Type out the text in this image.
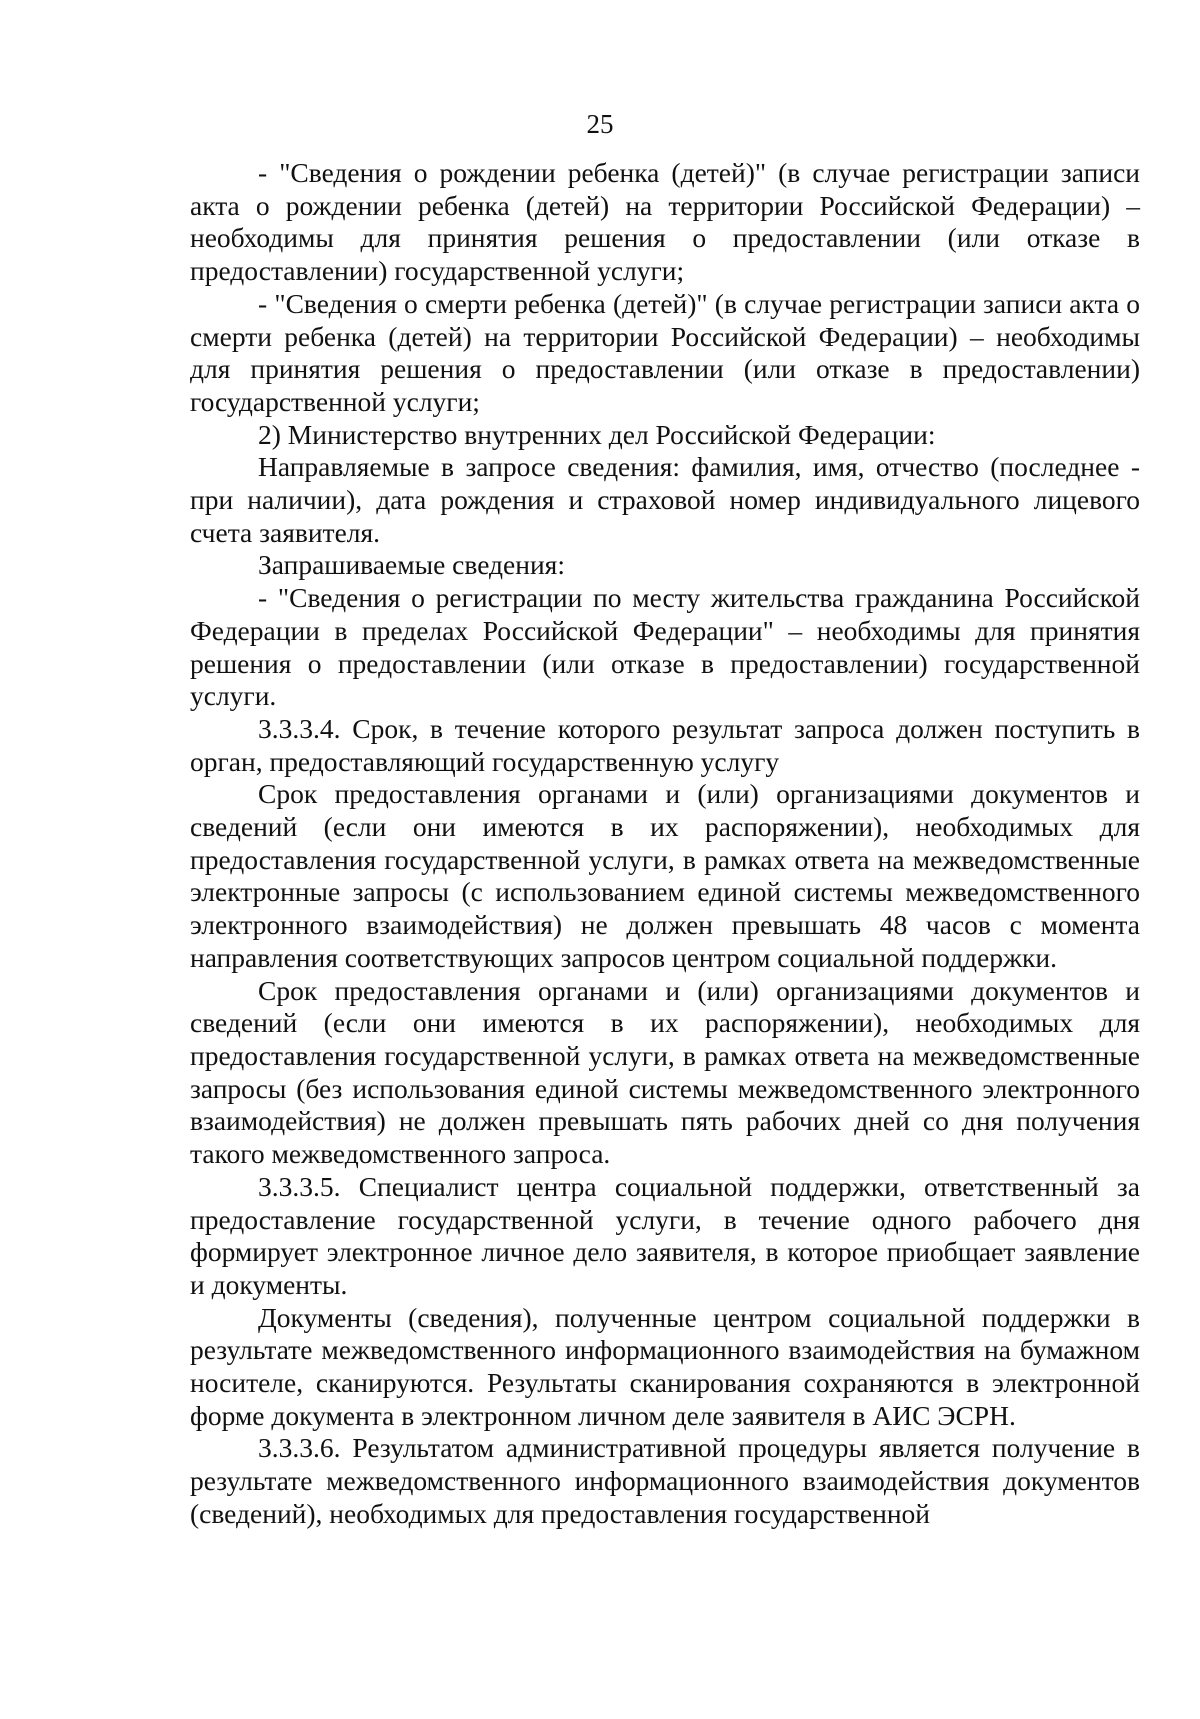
25

- "Сведения о рождении ребенка (детей)" (в случае регистрации записи акта о рождении ребенка (детей) на территории Российской Федерации) – необходимы для принятия решения о предоставлении (или отказе в предоставлении) государственной услуги;

- "Сведения о смерти ребенка (детей)" (в случае регистрации записи акта о смерти ребенка (детей) на территории Российской Федерации) – необходимы для принятия решения о предоставлении (или отказе в предоставлении) государственной услуги;

2) Министерство внутренних дел Российской Федерации:

Направляемые в запросе сведения: фамилия, имя, отчество (последнее - при наличии), дата рождения и страховой номер индивидуального лицевого счета заявителя.

Запрашиваемые сведения:

- "Сведения о регистрации по месту жительства гражданина Российской Федерации в пределах Российской Федерации" – необходимы для принятия решения о предоставлении (или отказе в предоставлении) государственной услуги.

3.3.3.4. Срок, в течение которого результат запроса должен поступить в орган, предоставляющий государственную услугу

Срок предоставления органами и (или) организациями документов и сведений (если они имеются в их распоряжении), необходимых для предоставления государственной услуги, в рамках ответа на межведомственные электронные запросы (с использованием единой системы межведомственного электронного взаимодействия) не должен превышать 48 часов с момента направления соответствующих запросов центром социальной поддержки.

Срок предоставления органами и (или) организациями документов и сведений (если они имеются в их распоряжении), необходимых для предоставления государственной услуги, в рамках ответа на межведомственные запросы (без использования единой системы межведомственного электронного взаимодействия) не должен превышать пять рабочих дней со дня получения такого межведомственного запроса.

3.3.3.5. Специалист центра социальной поддержки, ответственный за предоставление государственной услуги, в течение одного рабочего дня формирует электронное личное дело заявителя, в которое приобщает заявление и документы.

Документы (сведения), полученные центром социальной поддержки в результате межведомственного информационного взаимодействия на бумажном носителе, сканируются. Результаты сканирования сохраняются в электронной форме документа в электронном личном деле заявителя в АИС ЭСРН.

3.3.3.6. Результатом административной процедуры является получение в результате межведомственного информационного взаимодействия документов (сведений), необходимых для предоставления государственной
